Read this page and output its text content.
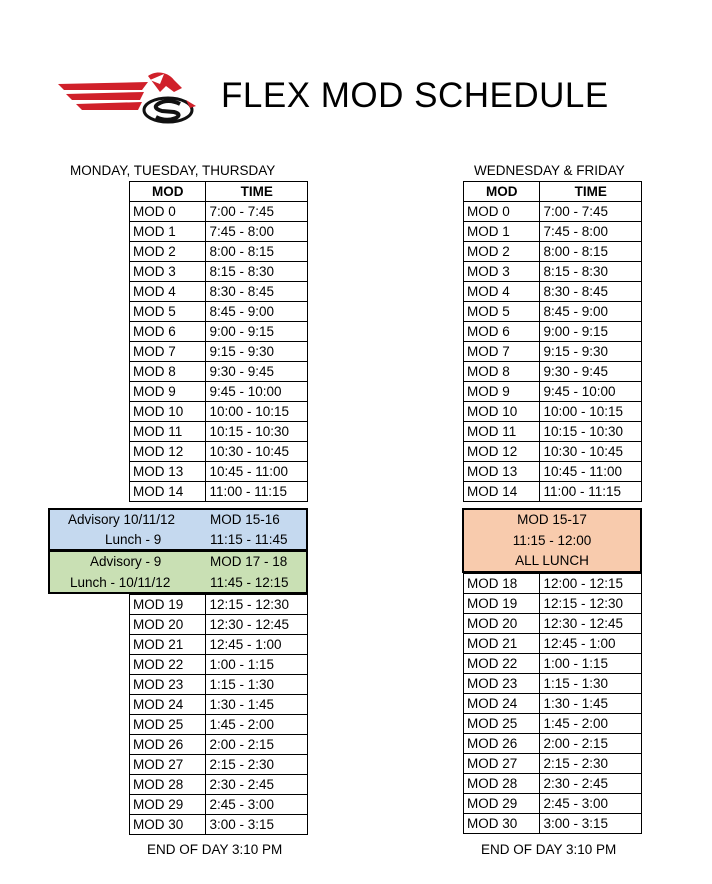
FLEX MOD SCHEDULE
MONDAY, TUESDAY, THURSDAY
MOD	TIME
MOD 0	7:00 - 7:45
MOD 1	7:45 - 8:00
MOD 2	8:00 - 8:15
MOD 3	8:15 - 8:30
MOD 4	8:30 - 8:45
MOD 5	8:45 - 9:00
MOD 6	9:00 - 9:15
MOD 7	9:15 - 9:30
MOD 8	9:30 - 9:45
MOD 9	9:45 - 10:00
MOD 10	10:00 - 10:15
MOD 11	10:15 - 10:30
MOD 12	10:30 - 10:45
MOD 13	10:45 - 11:00
MOD 14	11:00 - 11:15
Advisory 10/11/12	MOD 15-16
Lunch - 9	11:15 - 11:45
Advisory - 9	MOD 17 - 18
Lunch - 10/11/12	11:45 - 12:15
MOD 19	12:15 - 12:30
MOD 20	12:30 - 12:45
MOD 21	12:45 - 1:00
MOD 22	1:00 - 1:15
MOD 23	1:15 - 1:30
MOD 24	1:30 - 1:45
MOD 25	1:45 - 2:00
MOD 26	2:00 - 2:15
MOD 27	2:15 - 2:30
MOD 28	2:30 - 2:45
MOD 29	2:45 - 3:00
MOD 30	3:00 - 3:15
END OF DAY 3:10 PM
WEDNESDAY & FRIDAY
MOD	TIME
MOD 0	7:00 - 7:45
MOD 1	7:45 - 8:00
MOD 2	8:00 - 8:15
MOD 3	8:15 - 8:30
MOD 4	8:30 - 8:45
MOD 5	8:45 - 9:00
MOD 6	9:00 - 9:15
MOD 7	9:15 - 9:30
MOD 8	9:30 - 9:45
MOD 9	9:45 - 10:00
MOD 10	10:00 - 10:15
MOD 11	10:15 - 10:30
MOD 12	10:30 - 10:45
MOD 13	10:45 - 11:00
MOD 14	11:00 - 11:15
MOD 15-17
11:15 - 12:00
ALL LUNCH
MOD 18	12:00 - 12:15
MOD 19	12:15 - 12:30
MOD 20	12:30 - 12:45
MOD 21	12:45 - 1:00
MOD 22	1:00 - 1:15
MOD 23	1:15 - 1:30
MOD 24	1:30 - 1:45
MOD 25	1:45 - 2:00
MOD 26	2:00 - 2:15
MOD 27	2:15 - 2:30
MOD 28	2:30 - 2:45
MOD 29	2:45 - 3:00
MOD 30	3:00 - 3:15
END OF DAY 3:10 PM
